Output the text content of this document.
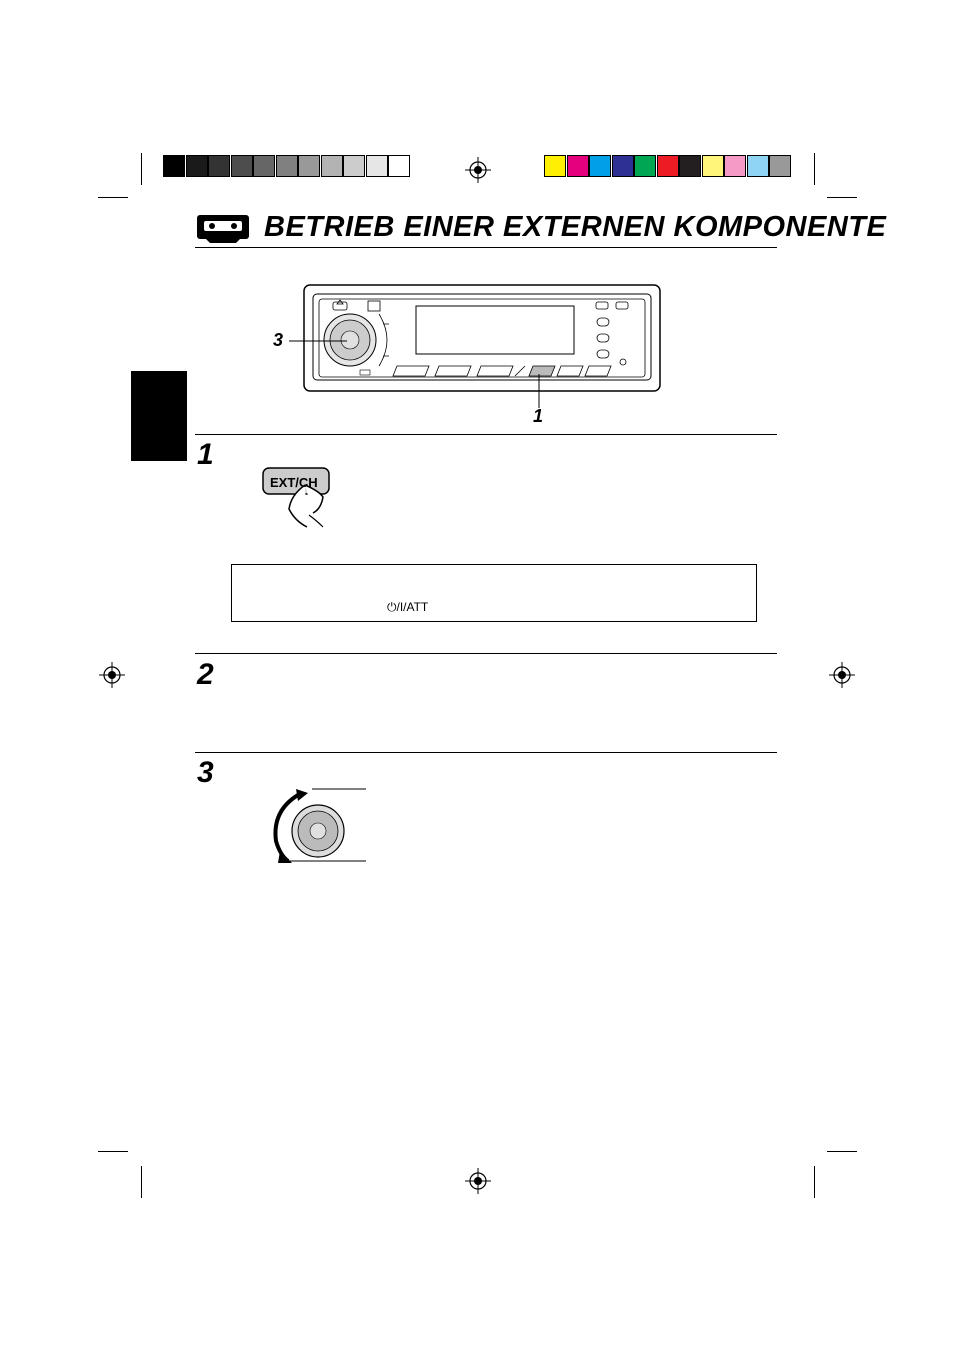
BETRIEB EINER EXTERNEN KOMPONENTE
3
1
1
EXT/CH
⏻/I/ATT
2
3
